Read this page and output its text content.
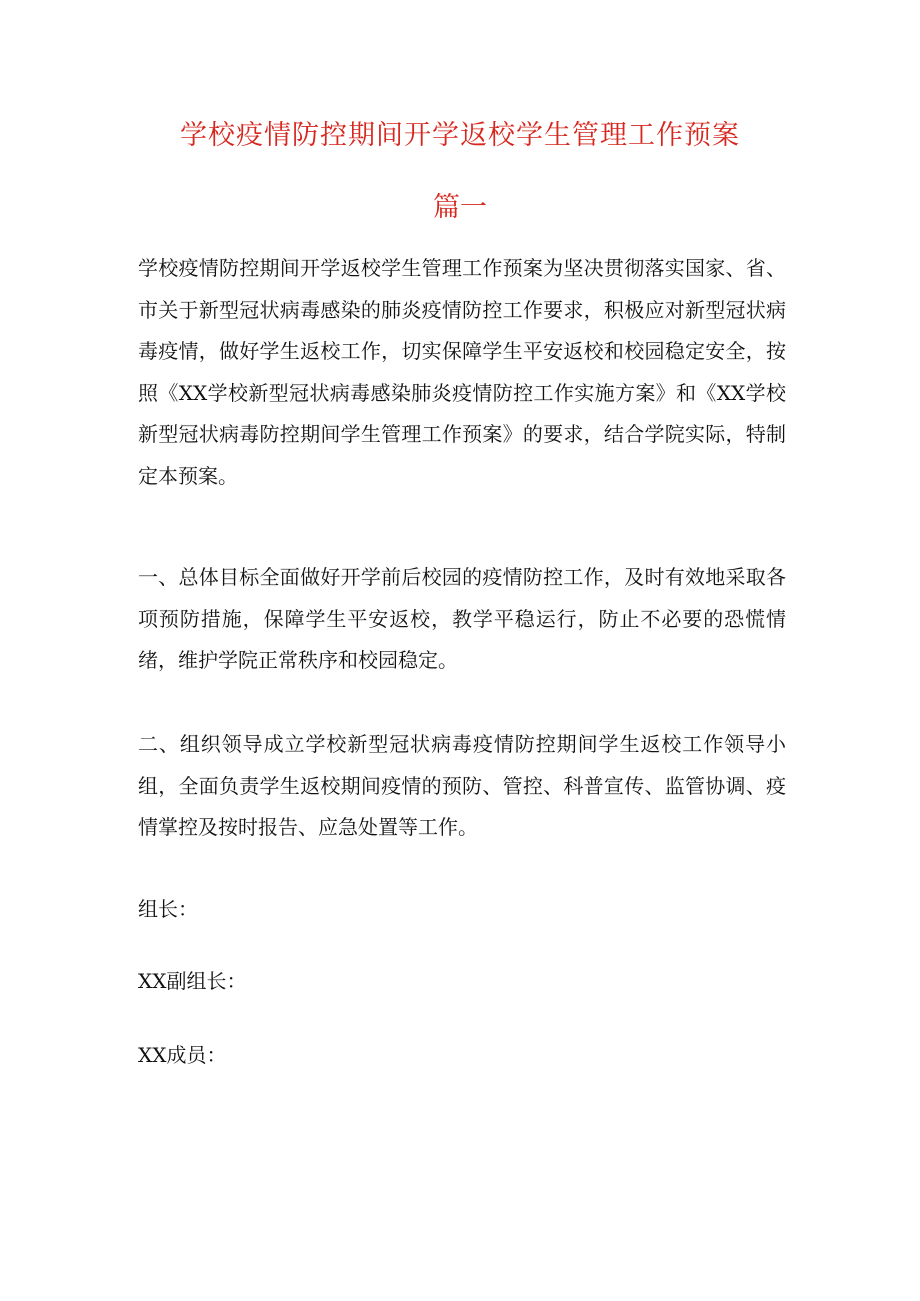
学校疫情防控期间开学返校学生管理工作预案
篇一

学校疫情防控期间开学返校学生管理工作预案为坚决贯彻落实国家、省、市关于新型冠状病毒感染的肺炎疫情防控工作要求，积极应对新型冠状病毒疫情，做好学生返校工作，切实保障学生平安返校和校园稳定安全，按照《XX学校新型冠状病毒感染肺炎疫情防控工作实施方案》和《XX学校新型冠状病毒防控期间学生管理工作预案》的要求，结合学院实际，特制定本预案。

一、总体目标全面做好开学前后校园的疫情防控工作，及时有效地采取各项预防措施，保障学生平安返校，教学平稳运行，防止不必要的恐慌情绪，维护学院正常秩序和校园稳定。

二、组织领导成立学校新型冠状病毒疫情防控期间学生返校工作领导小组，全面负责学生返校期间疫情的预防、管控、科普宣传、监管协调、疫情掌控及按时报告、应急处置等工作。

组长：

XX副组长：

XX成员：
